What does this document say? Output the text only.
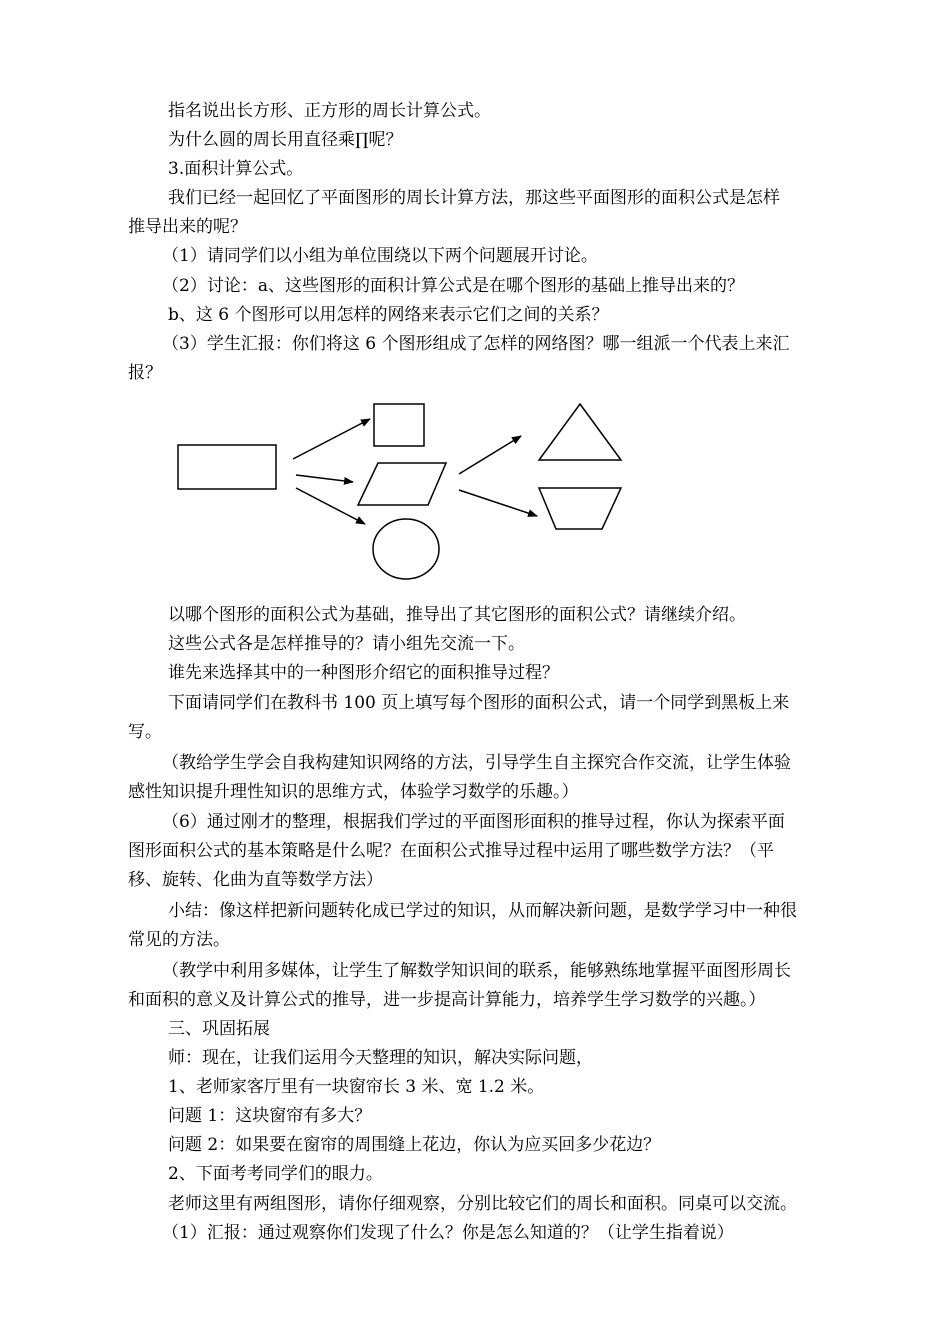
指名说出长方形、正方形的周长计算公式。
为什么圆的周长用直径乘∏呢？
3.面积计算公式。
我们已经一起回忆了平面图形的周长计算方法，那这些平面图形的面积公式是怎样
推导出来的呢？
（1）请同学们以小组为单位围绕以下两个问题展开讨论。
（2）讨论：a、这些图形的面积计算公式是在哪个图形的基础上推导出来的？
b、这 6 个图形可以用怎样的网络来表示它们之间的关系？
（3）学生汇报：你们将这 6 个图形组成了怎样的网络图？哪一组派一个代表上来汇
报？
以哪个图形的面积公式为基础，推导出了其它图形的面积公式？请继续介绍。
这些公式各是怎样推导的？请小组先交流一下。
谁先来选择其中的一种图形介绍它的面积推导过程？
下面请同学们在教科书 100 页上填写每个图形的面积公式，请一个同学到黑板上来
写。
（教给学生学会自我构建知识网络的方法，引导学生自主探究合作交流，让学生体验
感性知识提升理性知识的思维方式，体验学习数学的乐趣。）
（6）通过刚才的整理，根据我们学过的平面图形面积的推导过程，你认为探索平面
图形面积公式的基本策略是什么呢？在面积公式推导过程中运用了哪些数学方法？（平
移、旋转、化曲为直等数学方法）
小结：像这样把新问题转化成已学过的知识，从而解决新问题，是数学学习中一种很
常见的方法。
（教学中利用多媒体，让学生了解数学知识间的联系，能够熟练地掌握平面图形周长
和面积的意义及计算公式的推导，进一步提高计算能力，培养学生学习数学的兴趣。）
三、巩固拓展
师：现在，让我们运用今天整理的知识，解决实际问题，
1、老师家客厅里有一块窗帘长 3 米、宽 1.2 米。
问题 1：这块窗帘有多大？
问题 2：如果要在窗帘的周围缝上花边，你认为应买回多少花边？
2、下面考考同学们的眼力。
老师这里有两组图形，请你仔细观察，分别比较它们的周长和面积。同桌可以交流。
（1）汇报：通过观察你们发现了什么？你是怎么知道的？（让学生指着说）
